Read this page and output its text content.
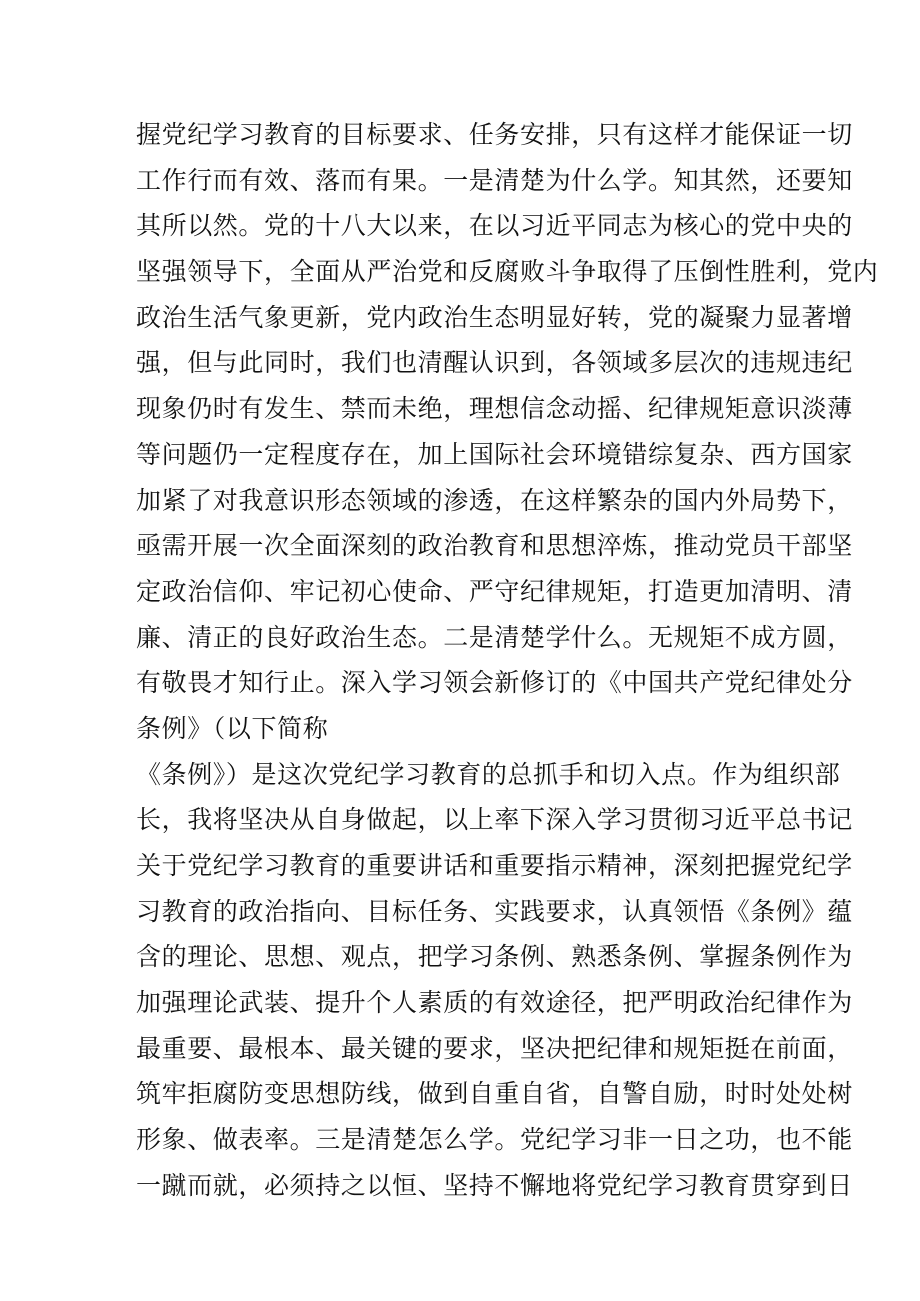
握党纪学习教育的目标要求、任务安排，只有这样才能保证一切
工作行而有效、落而有果。一是清楚为什么学。知其然，还要知
其所以然。党的十八大以来，在以习近平同志为核心的党中央的
坚强领导下，全面从严治党和反腐败斗争取得了压倒性胜利，党内
政治生活气象更新，党内政治生态明显好转，党的凝聚力显著增
强，但与此同时，我们也清醒认识到，各领域多层次的违规违纪
现象仍时有发生、禁而未绝，理想信念动摇、纪律规矩意识淡薄
等问题仍一定程度存在，加上国际社会环境错综复杂、西方国家
加紧了对我意识形态领域的渗透，在这样繁杂的国内外局势下，
亟需开展一次全面深刻的政治教育和思想淬炼，推动党员干部坚
定政治信仰、牢记初心使命、严守纪律规矩，打造更加清明、清
廉、清正的良好政治生态。二是清楚学什么。无规矩不成方圆，
有敬畏才知行止。深入学习领会新修订的《中国共产党纪律处分
条例》（以下简称
《条例》）是这次党纪学习教育的总抓手和切入点。作为组织部
长，我将坚决从自身做起，以上率下深入学习贯彻习近平总书记
关于党纪学习教育的重要讲话和重要指示精神，深刻把握党纪学
习教育的政治指向、目标任务、实践要求，认真领悟《条例》蕴
含的理论、思想、观点，把学习条例、熟悉条例、掌握条例作为
加强理论武装、提升个人素质的有效途径，把严明政治纪律作为
最重要、最根本、最关键的要求，坚决把纪律和规矩挺在前面，
筑牢拒腐防变思想防线，做到自重自省，自警自励，时时处处树
形象、做表率。三是清楚怎么学。党纪学习非一日之功，也不能
一蹴而就，必须持之以恒、坚持不懈地将党纪学习教育贯穿到日
